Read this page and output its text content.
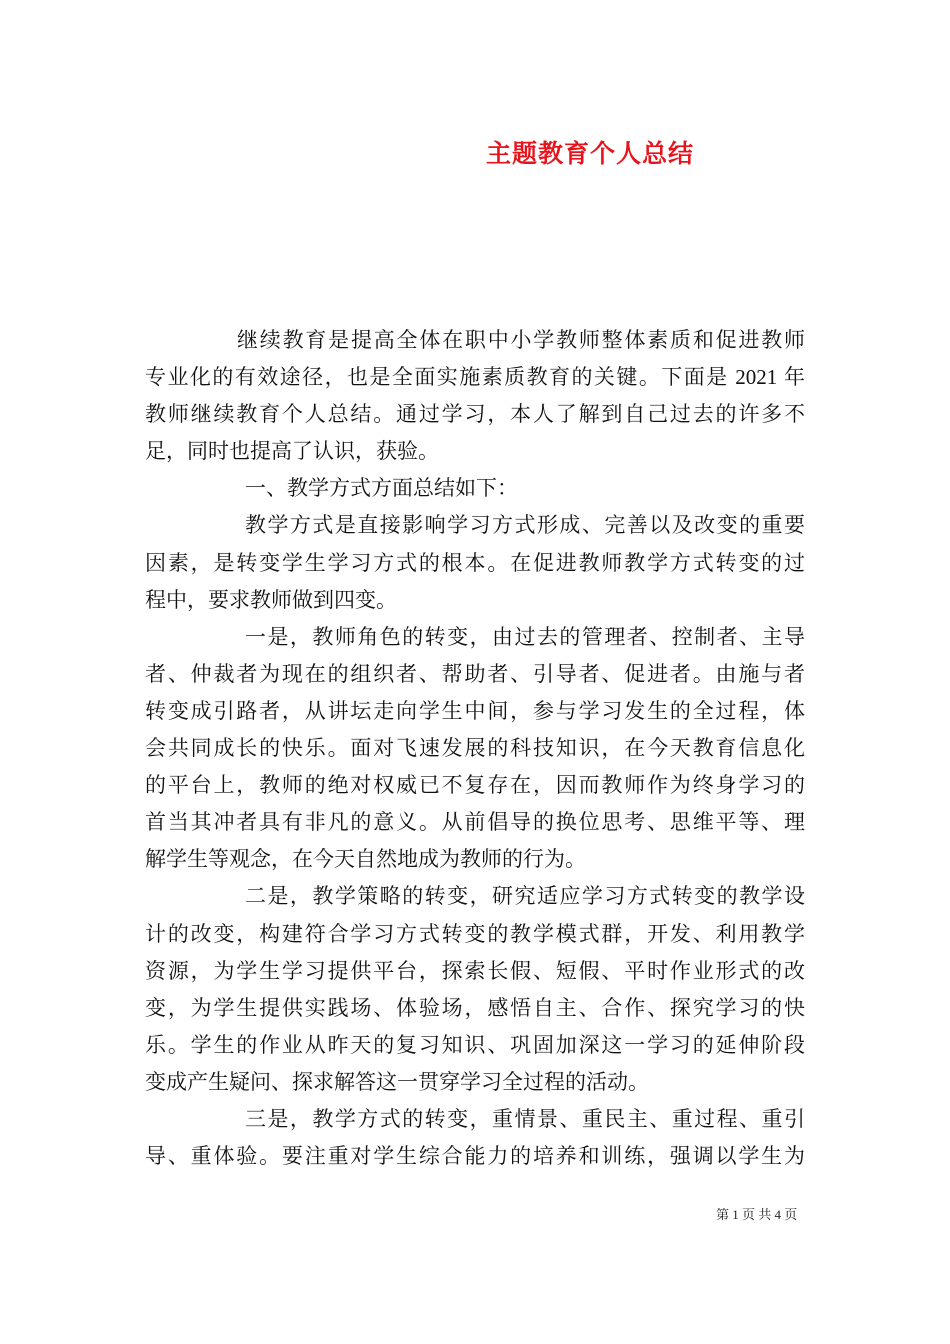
主题教育个人总结
继续教育是提高全体在职中小学教师整体素质和促进教师
专业化的有效途径，也是全面实施素质教育的关键。下面是 2021 年
教师继续教育个人总结。通过学习，本人了解到自己过去的许多不
足，同时也提高了认识，获验。
一、教学方式方面总结如下：
教学方式是直接影响学习方式形成、完善以及改变的重要
因素，是转变学生学习方式的根本。在促进教师教学方式转变的过
程中，要求教师做到四变。
一是，教师角色的转变，由过去的管理者、控制者、主导
者、仲裁者为现在的组织者、帮助者、引导者、促进者。由施与者
转变成引路者，从讲坛走向学生中间，参与学习发生的全过程，体
会共同成长的快乐。面对飞速发展的科技知识，在今天教育信息化
的平台上，教师的绝对权威已不复存在，因而教师作为终身学习的
首当其冲者具有非凡的意义。从前倡导的换位思考、思维平等、理
解学生等观念，在今天自然地成为教师的行为。
二是，教学策略的转变，研究适应学习方式转变的教学设
计的改变，构建符合学习方式转变的教学模式群，开发、利用教学
资源，为学生学习提供平台，探索长假、短假、平时作业形式的改
变，为学生提供实践场、体验场，感悟自主、合作、探究学习的快
乐。学生的作业从昨天的复习知识、巩固加深这一学习的延伸阶段
变成产生疑问、探求解答这一贯穿学习全过程的活动。
三是，教学方式的转变，重情景、重民主、重过程、重引
导、重体验。要注重对学生综合能力的培养和训练，强调以学生为
第 1 页 共 4 页
